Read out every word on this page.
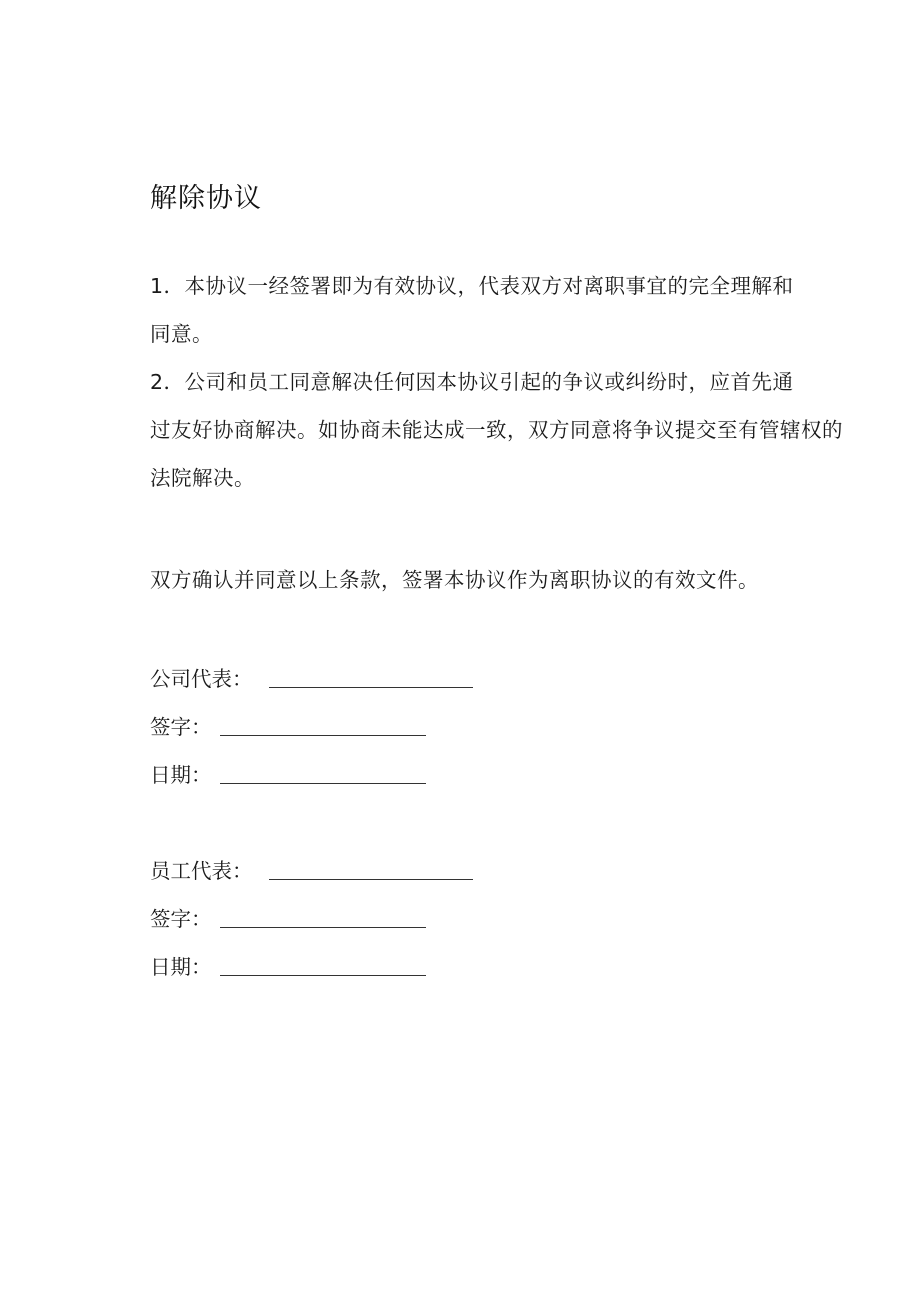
解除协议
1．本协议一经签署即为有效协议，代表双方对离职事宜的完全理解和
同意。
2．公司和员工同意解决任何因本协议引起的争议或纠纷时，应首先通
过友好协商解决。如协商未能达成一致，双方同意将争议提交至有管辖权的
法院解决。
双方确认并同意以上条款，签署本协议作为离职协议的有效文件。
公司代表：
签字：
日期：
员工代表：
签字：
日期：
